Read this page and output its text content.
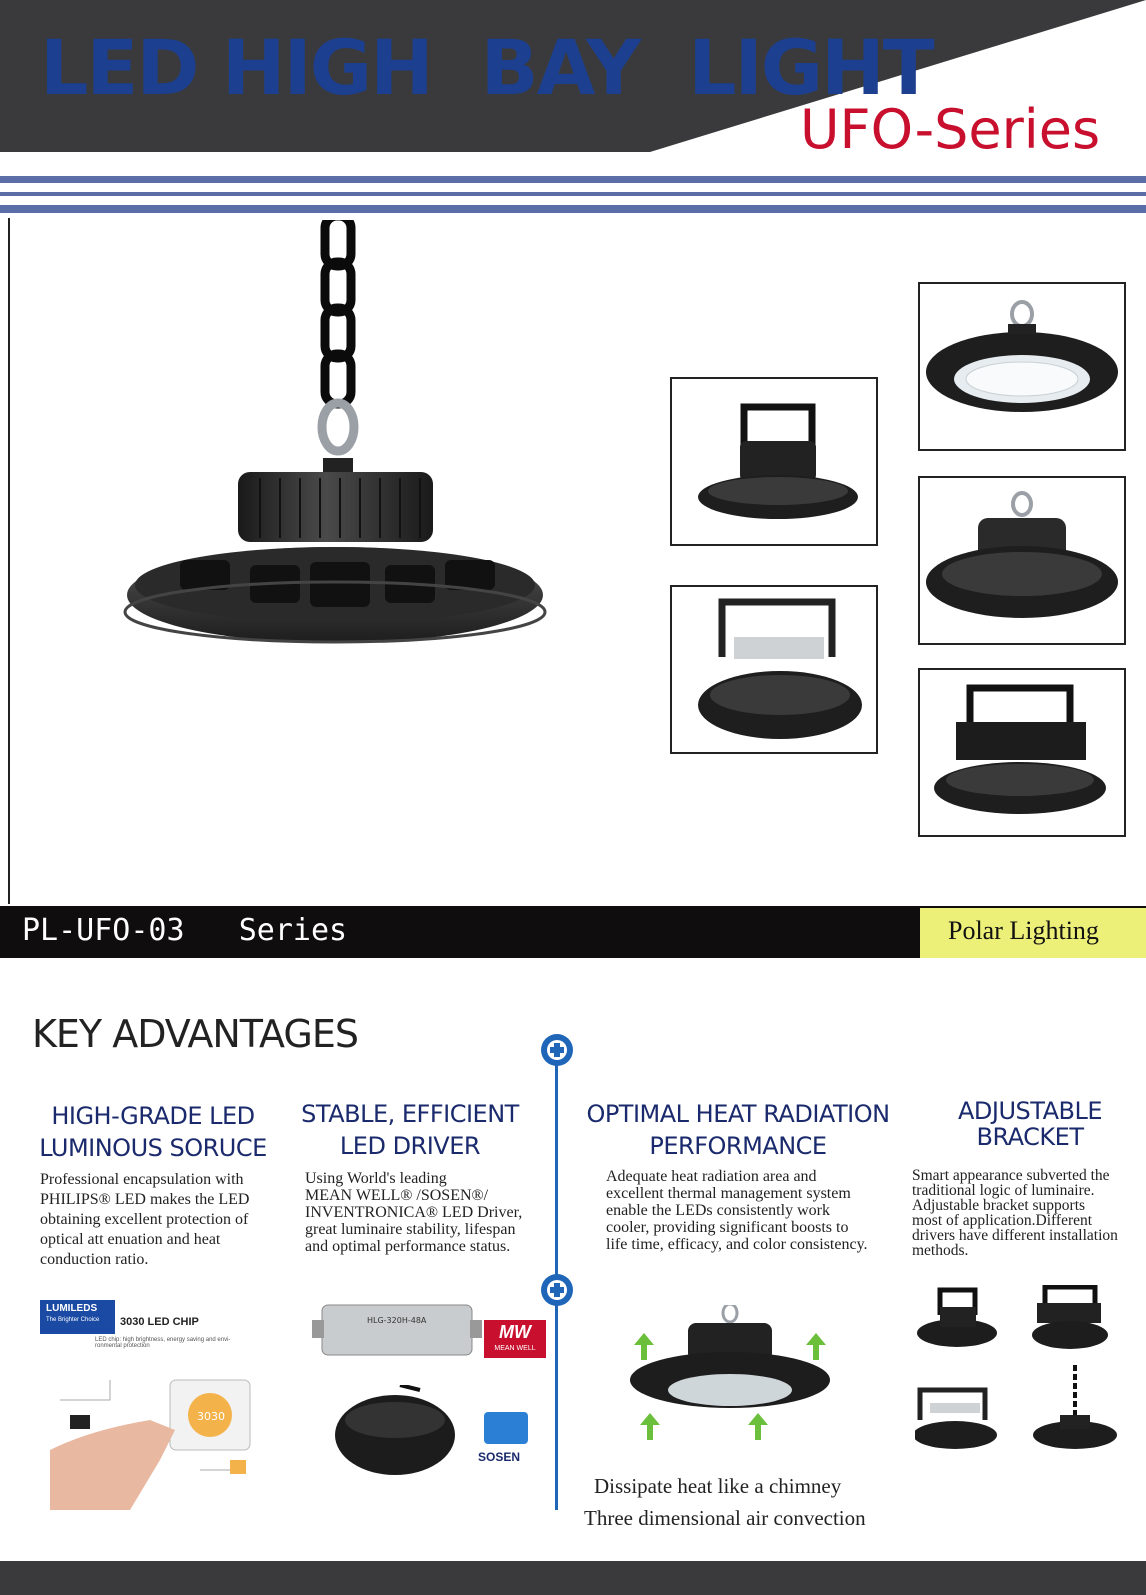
LED HIGH  BAY  LIGHT
UFO-Series
PL-UFO-03   Series	Polar Lighting
KEY ADVANTAGES
HIGH-GRADE LED LUMINOUS SORUCE
Professional encapsulation with
PHILIPS® LED makes the LED
obtaining excellent protection of
optical att enuation and heat
conduction ratio.
STABLE, EFFICIENT LED DRIVER
Using World's leading
MEAN WELL® /SOSEN®/
INVENTRONICA® LED Driver,
great luminaire stability, lifespan
and optimal performance status.
OPTIMAL HEAT RADIATION PERFORMANCE
Adequate heat radiation area and
excellent thermal management system
enable the LEDs consistently work
cooler, providing significant boosts to
life time, efficacy, and color consistency.
ADJUSTABLE BRACKET
Smart appearance subverted the
traditional logic of luminaire.
Adjustable bracket supports
most of application.Different
drivers have different installation
methods.
LUMILEDS
The Brighter Choice	3030 LED CHIP
LED chip: high brightness, energy saving and envi-ronmental protection
3030
HLG-320H-48A
MW
MEAN WELL
SOSEN
Dissipate heat like a chimney
Three dimensional air convection
